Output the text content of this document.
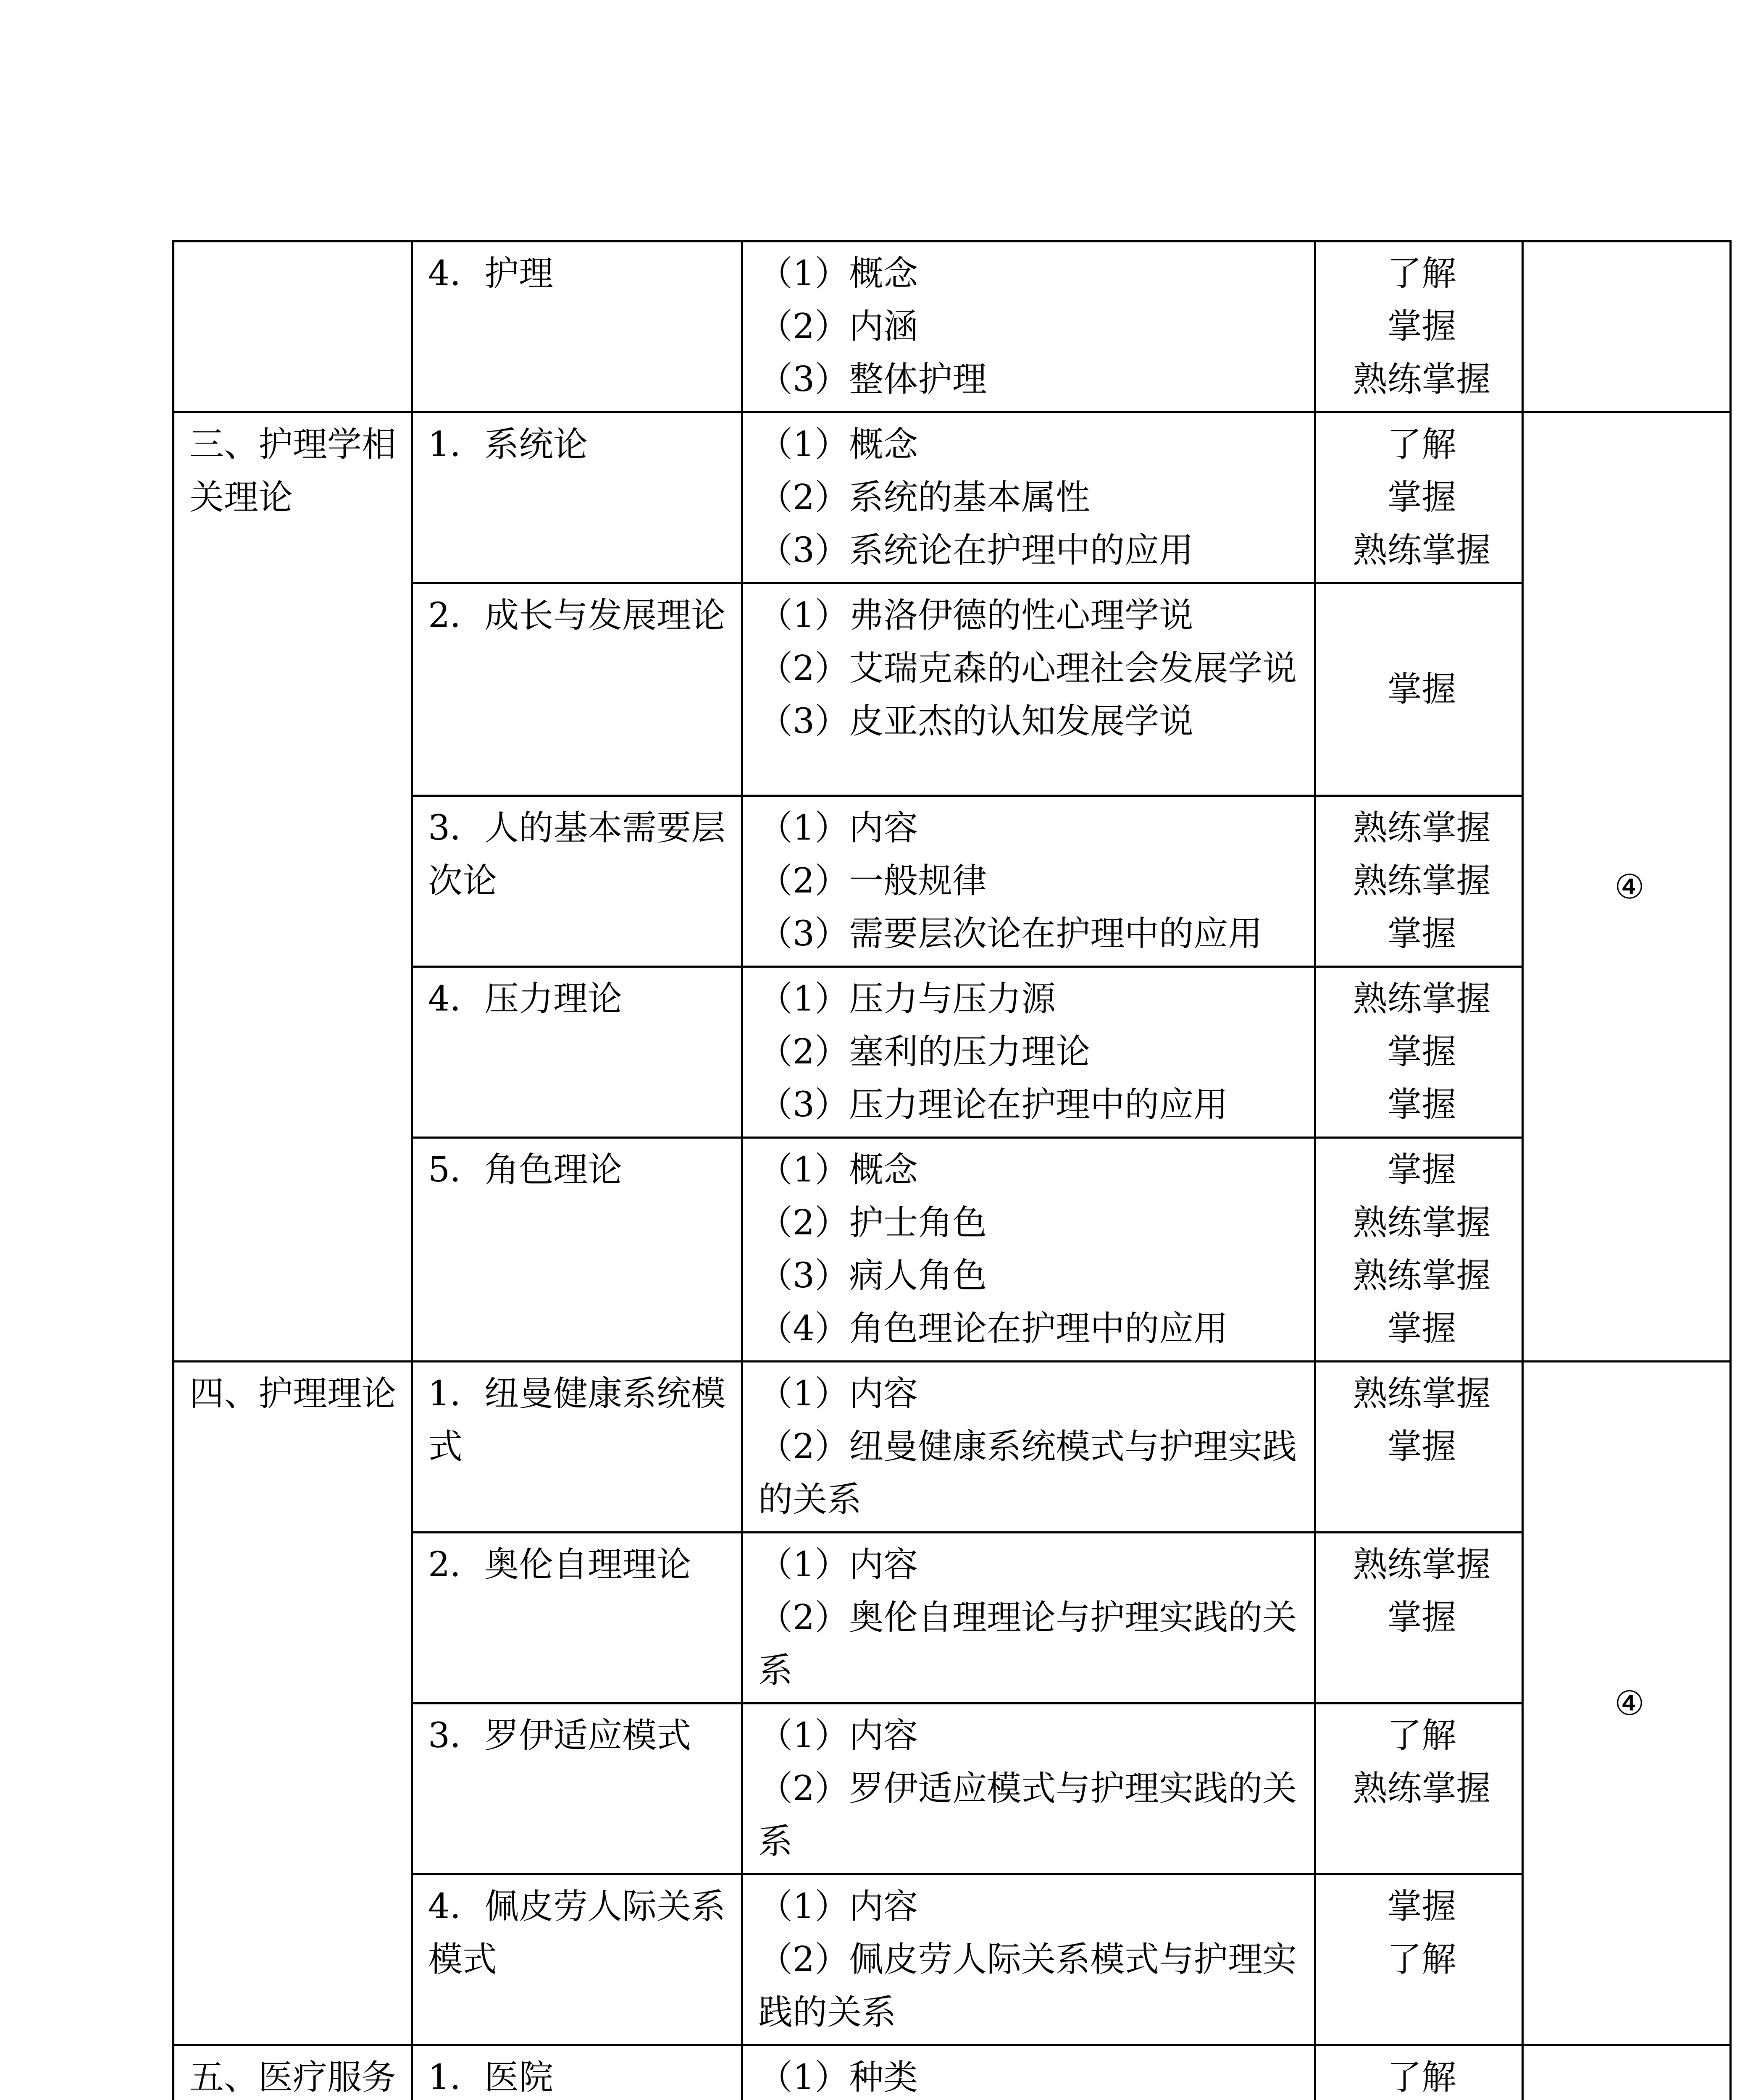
	4．护理	（1）概念
（2）内涵
（3）整体护理	了解
掌握
熟练掌握	

三、护理学相关理论	1．系统论	（1）概念
（2）系统的基本属性
（3）系统论在护理中的应用	了解
掌握
熟练掌握	④

	2．成长与发展理论	（1）弗洛伊德的性心理学说
（2）艾瑞克森的心理社会发展学说
（3）皮亚杰的认知发展学说	掌握	

	3．人的基本需要层次论	（1）内容
（2）一般规律
（3）需要层次论在护理中的应用	熟练掌握
熟练掌握
掌握	

	4．压力理论	（1）压力与压力源
（2）塞利的压力理论
（3）压力理论在护理中的应用	熟练掌握
掌握
掌握	

	5．角色理论	（1）概念
（2）护士角色
（3）病人角色
（4）角色理论在护理中的应用	掌握
熟练掌握
熟练掌握
掌握	

四、护理理论	1．纽曼健康系统模式	（1）内容
（2）纽曼健康系统模式与护理实践的关系	熟练掌握
掌握	④

	2．奥伦自理理论	（1）内容
（2）奥伦自理理论与护理实践的关系	熟练掌握
掌握	

	3．罗伊适应模式	（1）内容
（2）罗伊适应模式与护理实践的关系	了解
熟练掌握	

	4．佩皮劳人际关系模式	（1）内容
（2）佩皮劳人际关系模式与护理实践的关系	掌握
了解	

五、医疗服务	1．医院	（1）种类	了解
